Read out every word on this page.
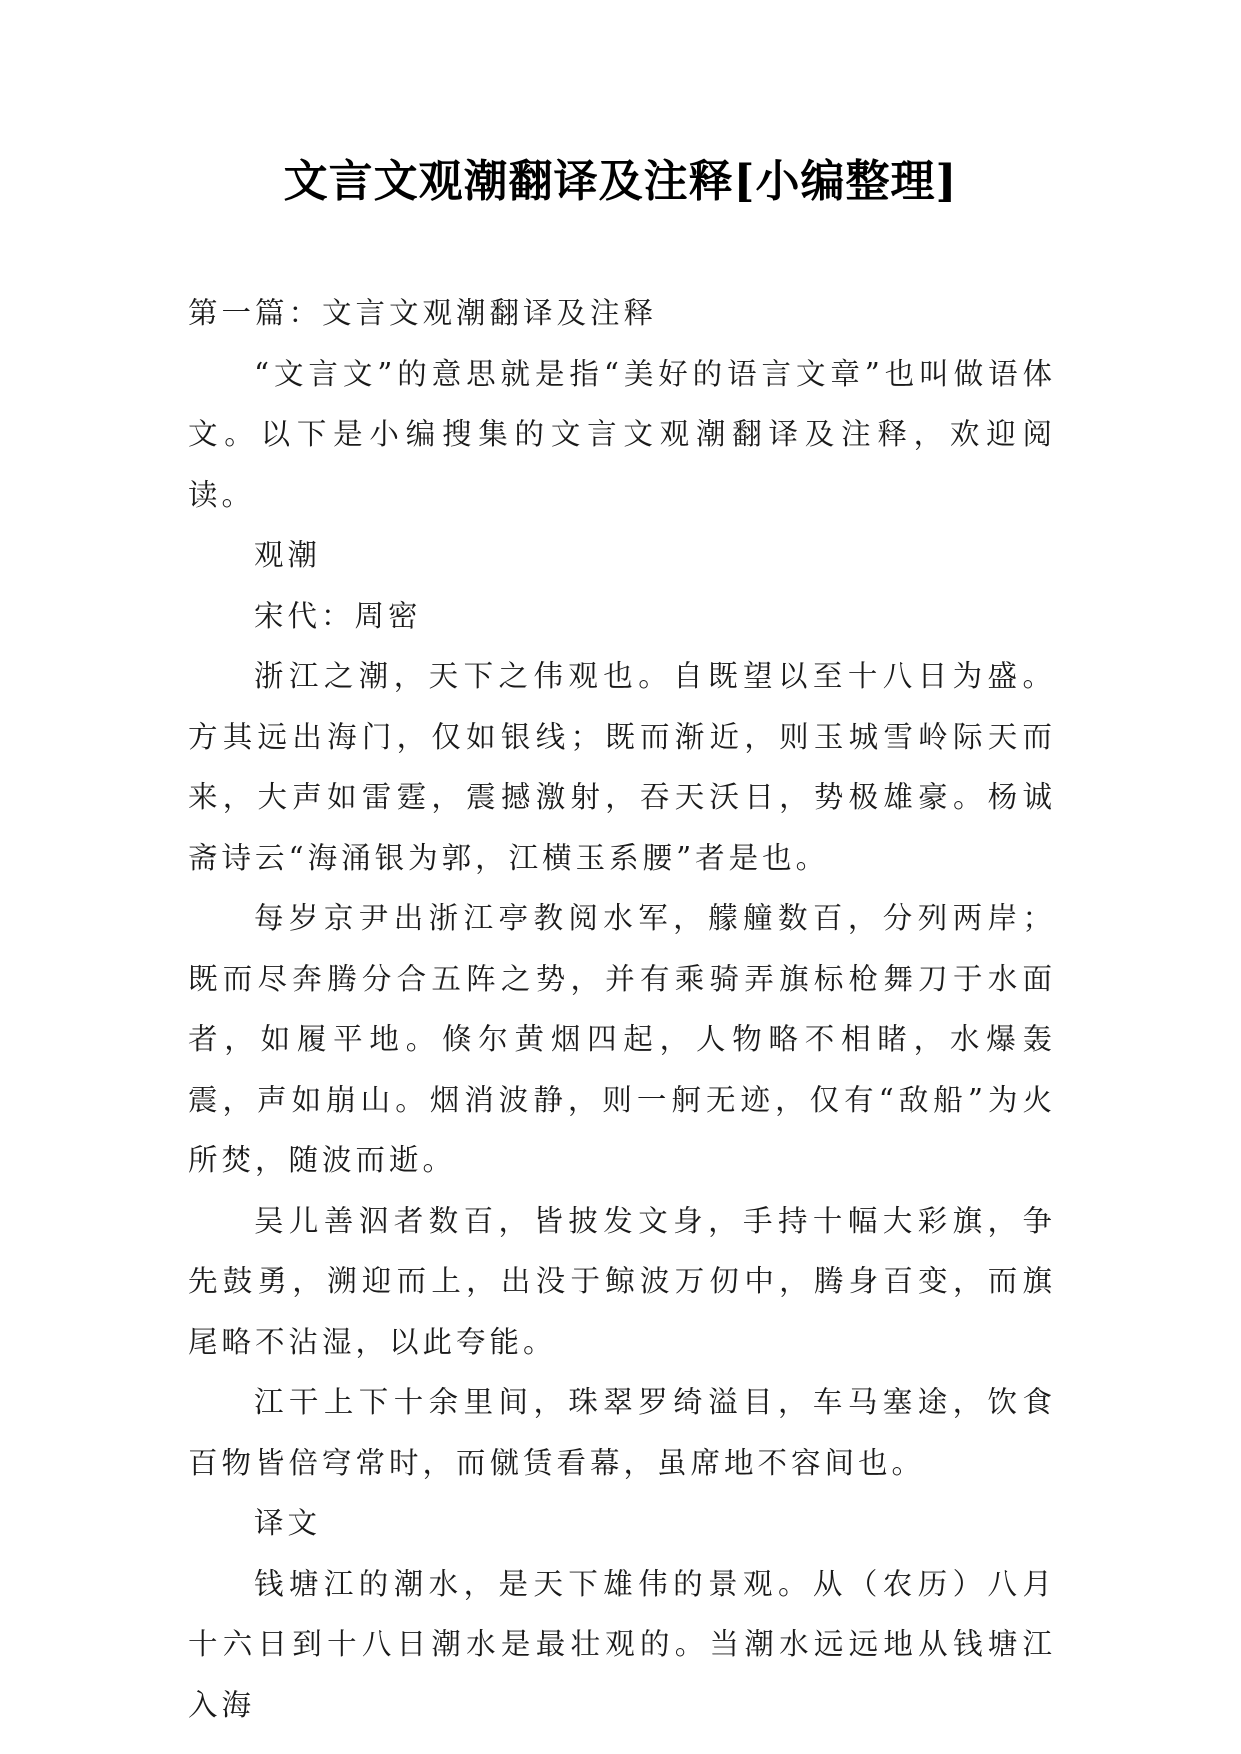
文言文观潮翻译及注释[小编整理]

第一篇：文言文观潮翻译及注释

“文言文”的意思就是指“美好的语言文章”也叫做语体文。以下是小编搜集的文言文观潮翻译及注释，欢迎阅读。

观潮

宋代：周密

浙江之潮，天下之伟观也。自既望以至十八日为盛。方其远出海门，仅如银线；既而渐近，则玉城雪岭际天而来，大声如雷霆，震撼激射，吞天沃日，势极雄豪。杨诚斋诗云“海涌银为郭，江横玉系腰”者是也。

每岁京尹出浙江亭教阅水军，艨艟数百，分列两岸；既而尽奔腾分合五阵之势，并有乘骑弄旗标枪舞刀于水面者，如履平地。倏尔黄烟四起，人物略不相睹，水爆轰震，声如崩山。烟消波静，则一舸无迹，仅有“敌船”为火所焚，随波而逝。

吴儿善泅者数百，皆披发文身，手持十幅大彩旗，争先鼓勇，溯迎而上，出没于鲸波万仞中，腾身百变，而旗尾略不沾湿，以此夸能。

江干上下十余里间，珠翠罗绮溢目，车马塞途，饮食百物皆倍穹常时，而僦赁看幕，虽席地不容间也。

译文

钱塘江的潮水，是天下雄伟的景观。从（农历）八月十六日到十八日潮水是最壮观的。当潮水远远地从钱塘江入海
